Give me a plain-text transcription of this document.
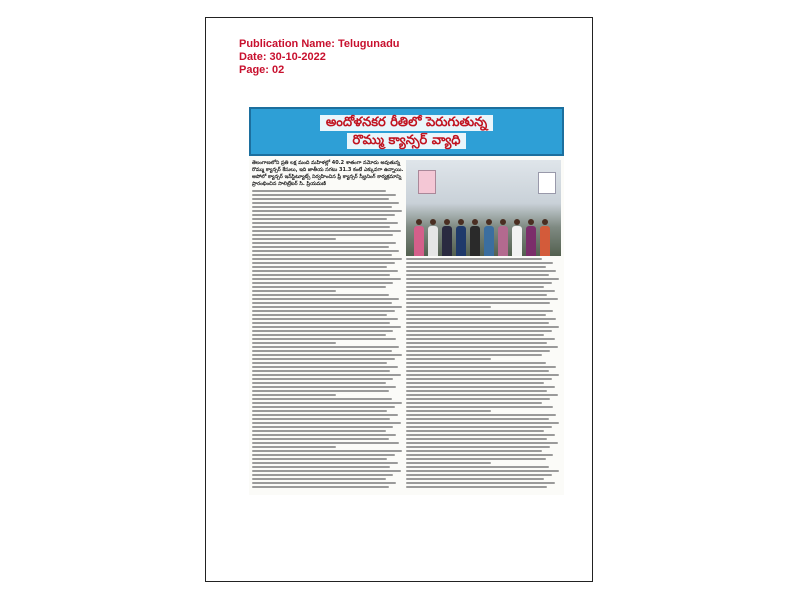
Publication Name: Telugunadu
Date: 30-10-2022
Page: 02
అందోళనకర రీతిలో పెరుగుతున్న
రొమ్ము క్యాన్సర్ వ్యాధి
తెలంగాణలోని ప్రతి లక్ష మంది మహిళల్లో 40.2 శాతంగా నమోదు అవుతున్న రొమ్ము క్యాన్సర్ కేసులు, ఇది జాతీయ సగటు 31.3 కంటే ఎక్కువగా ఉన్నాయి. అపోలో క్యాన్సర్ ఇన్‌స్టిట్యూట్స్ నిర్వహించిన ఫ్రీ క్యాన్సర్ స్క్రీనింగ్ కార్యక్రమాన్ని ప్రారంభించిన సాలిట్రేటర్ సి. ప్రియమణి
